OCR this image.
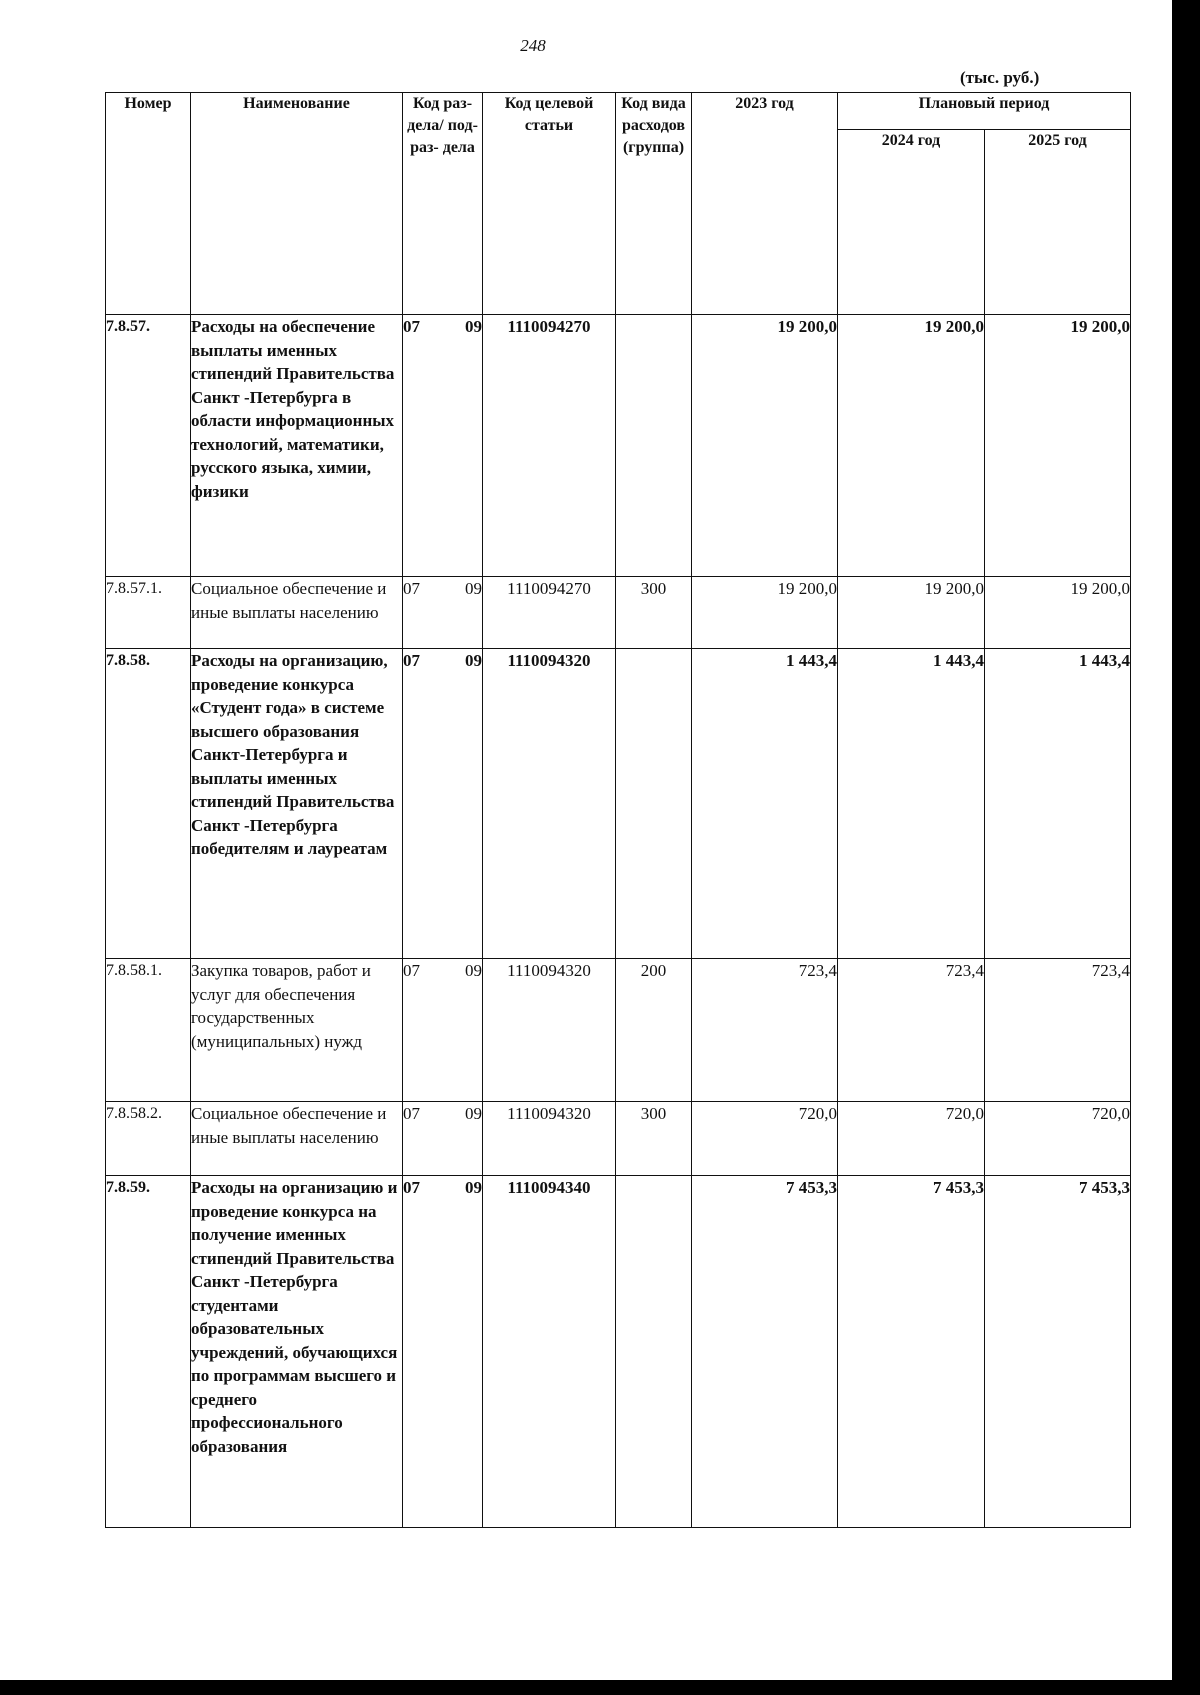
248
(тыс. руб.)
Номер	Наименование	Код раз- дела/ под- раз- дела	Код целевой статьи	Код вида расходов (группа)	2023 год	Плановый период	
						2024 год	2025 год
7.8.57.	Расходы на обеспечение выплаты именных стипендий Правительства Санкт -Петербурга в области информационных технологий, математики, русского языка, химии, физики	07 09	1110094270		19 200,0	19 200,0	19 200,0
7.8.57.1.	Социальное обеспечение и иные выплаты населению	07 09	1110094270	300	19 200,0	19 200,0	19 200,0
7.8.58.	Расходы на организацию, проведение конкурса «Студент года» в системе высшего образования Санкт-Петербурга и выплаты именных стипендий Правительства Санкт -Петербурга победителям и лауреатам	07 09	1110094320		1 443,4	1 443,4	1 443,4
7.8.58.1.	Закупка товаров, работ и услуг для обеспечения государственных (муниципальных) нужд	07 09	1110094320	200	723,4	723,4	723,4
7.8.58.2.	Социальное обеспечение и иные выплаты населению	07 09	1110094320	300	720,0	720,0	720,0
7.8.59.	Расходы на организацию и проведение конкурса на получение именных стипендий Правительства Санкт -Петербурга студентами образовательных учреждений, обучающихся по программам высшего и среднего профессионального образования	07 09	1110094340		7 453,3	7 453,3	7 453,3
